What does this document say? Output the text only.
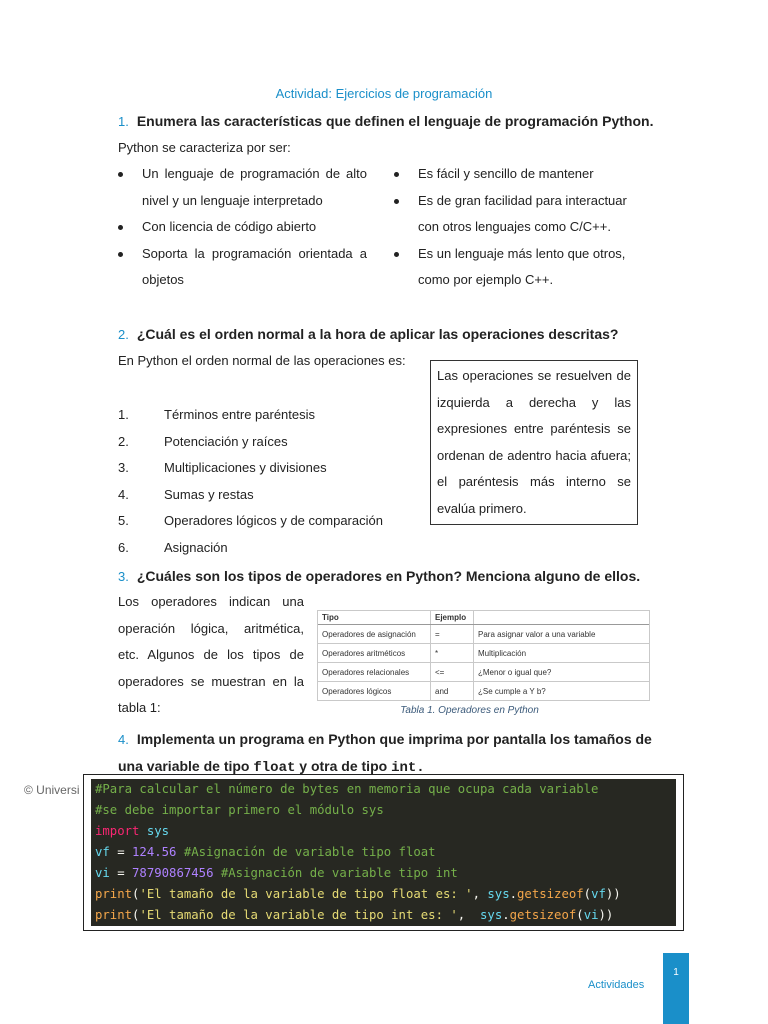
Actividad: Ejercicios de programación
1. Enumera las características que definen el lenguaje de programación Python.
Python se caracteriza por ser:
Un lenguaje de programación de alto nivel y un lenguaje interpretado
Con licencia de código abierto
Soporta la programación orientada a objetos
Es fácil y sencillo de mantener
Es de gran facilidad para interactuar con otros lenguajes como C/C++.
Es un lenguaje más lento que otros, como por ejemplo C++.
2. ¿Cuál es el orden normal a la hora de aplicar las operaciones descritas?
En Python el orden normal de las operaciones es:
1.	Términos entre paréntesis
2.	Potenciación y raíces
3.	Multiplicaciones y divisiones
4.	Sumas y restas
5.	Operadores lógicos y de comparación
6.	Asignación
Las operaciones se resuelven de izquierda a derecha y las expresiones entre paréntesis se ordenan de adentro hacia afuera; el paréntesis más interno se evalúa primero.
3. ¿Cuáles son los tipos de operadores en Python? Menciona alguno de ellos.
Los operadores indican una operación lógica, aritmética, etc. Algunos de los tipos de operadores se muestran en la tabla 1:
Tipo	Ejemplo	
Operadores de asignación	=	Para asignar valor a una variable
Operadores aritméticos	*	Multiplicación
Operadores relacionales	<=	¿Menor o igual que?
Operadores lógicos	and	¿Se cumple a Y b?
Tabla 1. Operadores en Python
4. Implementa un programa en Python que imprima por pantalla los tamaños de una variable de tipo float y otra de tipo int.
© Universi #Para calcular el número de bytes en memoria que ocupa cada variable
#se debe importar primero el módulo sys
import sys
vf = 124.56 #Asignación de variable tipo float
vi = 78790867456 #Asignación de variable tipo int
print('El tamaño de la variable de tipo float es: ', sys.getsizeof(vf))
print('El tamaño de la variable de tipo int es: ',  sys.getsizeof(vi))
Actividades
1
